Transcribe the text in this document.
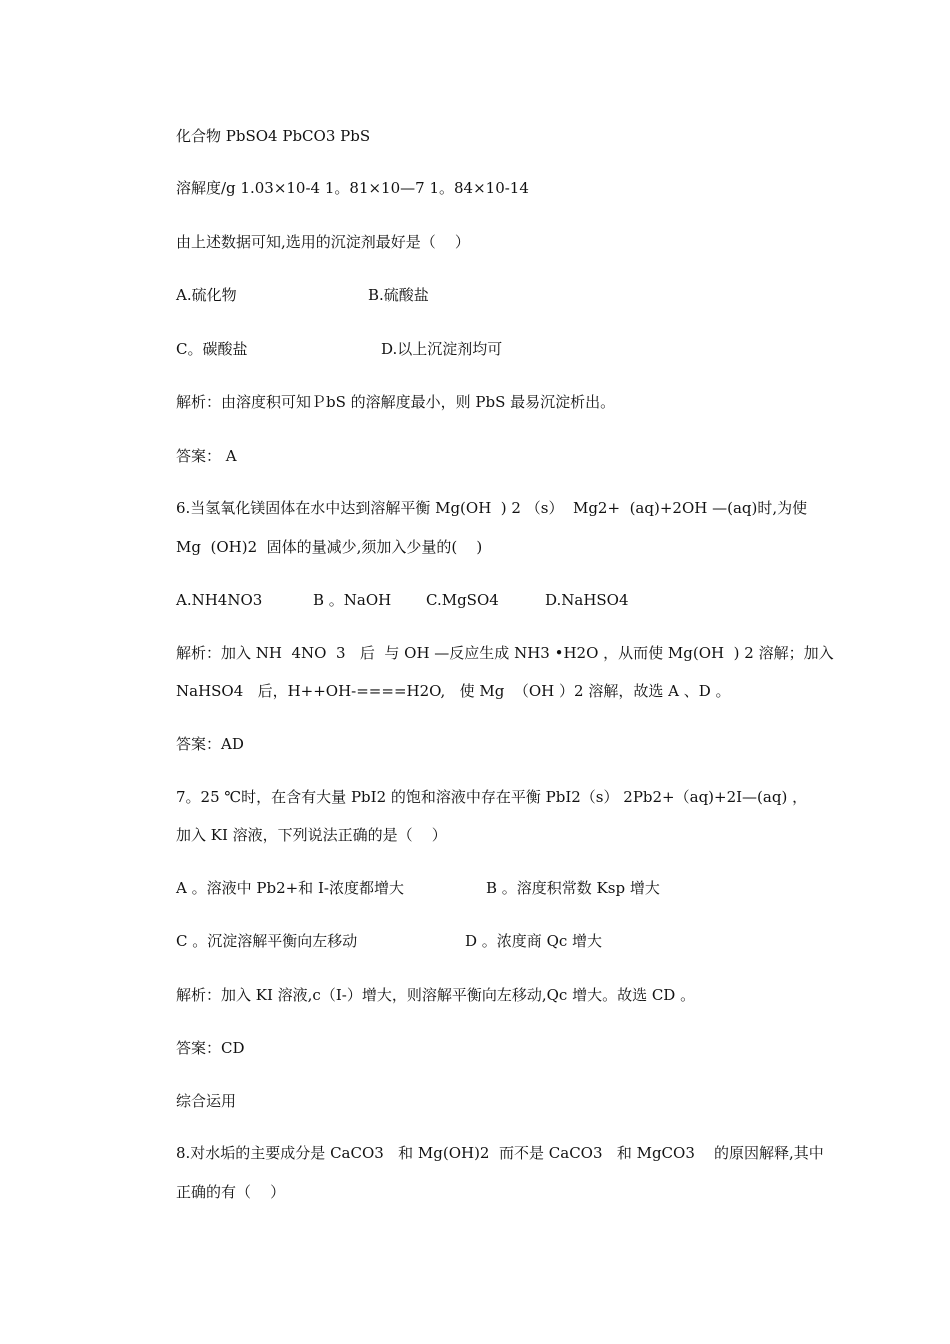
化合物 PbSO4 PbCO3 PbS
溶解度/g 1.03×10-4 1。81×10—7 1。84×10-14
由上述数据可知,选用的沉淀剂最好是（    ）
A.硫化物	B.硫酸盐
C。碳酸盐	D.以上沉淀剂均可
解析：由溶度积可知ＰbS 的溶解度最小，则 PbS 最易沉淀析出。
答案： A
6.当氢氧化镁固体在水中达到溶解平衡 Mg(OH  ) 2 （s）  Mg2+  (aq)+2OH —(aq)时,为使
Mg  (OH)2  固体的量减少,须加入少量的(    )
A.NH4NO3	B 。NaOH C.MgSO4	D.NaHSO4
解析：加入 NH  4NO  3   后  与 OH —反应生成 NH3 •H2O ，从而使 Mg(OH  ) 2 溶解；加入
NaHSO4   后，H++OH-====H2O,   使 Mg  （OH ）2 溶解，故选 A 、D 。
答案：AD
7。25 ℃时，在含有大量 PbI2 的饱和溶液中存在平衡 PbI2（s） 2Pb2+（aq)+2I—(aq) ，
加入 KI 溶液，下列说法正确的是（    ）
A 。溶液中 Pb2+和 I-浓度都增大	B 。溶度积常数 Ksp 增大
C 。沉淀溶解平衡向左移动	D 。浓度商 Qc 增大
解析：加入 KI 溶液,c（I-）增大，则溶解平衡向左移动,Qc 增大。故选 CD 。
答案：CD
综合运用
8.对水垢的主要成分是 CaCO3   和 Mg(OH)2  而不是 CaCO3   和 MgCO3    的原因解释,其中
正确的有（    ）
